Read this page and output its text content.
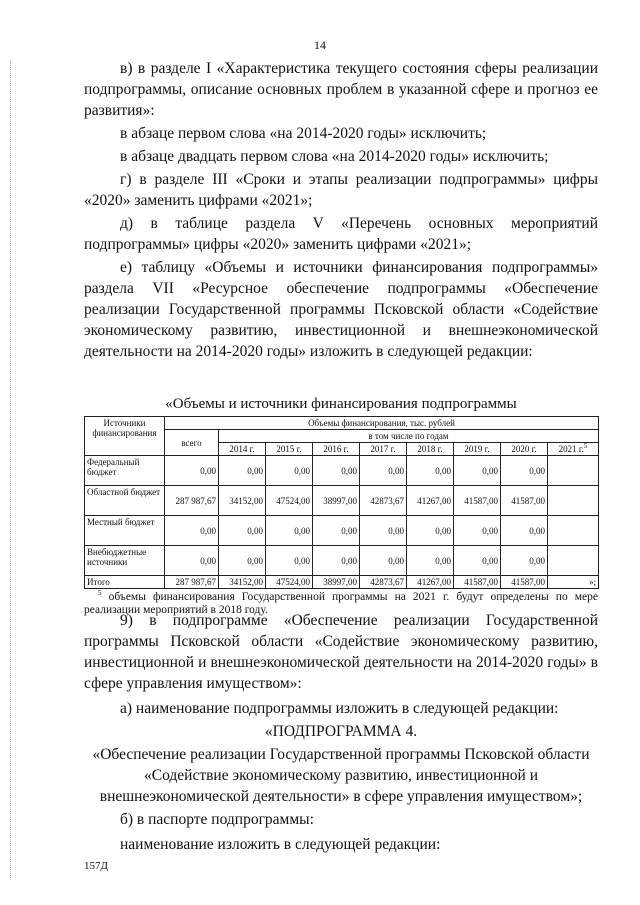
14

в) в разделе I «Характеристика текущего состояния сферы реализации подпрограммы, описание основных проблем в указанной сфере и прогноз ее развития»:

в абзаце первом слова «на 2014-2020 годы» исключить;

в абзаце двадцать первом слова «на 2014-2020 годы» исключить;

г) в разделе III «Сроки и этапы реализации подпрограммы» цифры «2020» заменить цифрами «2021»;

д) в таблице раздела V «Перечень основных мероприятий подпрограммы» цифры «2020» заменить цифрами «2021»;

е) таблицу «Объемы и источники финансирования подпрограммы» раздела VII «Ресурсное обеспечение подпрограммы «Обеспечение реализации Государственной программы Псковской области «Содействие экономическому развитию, инвестиционной и внешнеэкономической деятельности на 2014-2020 годы» изложить в следующей редакции:

«Объемы и источники финансирования подпрограммы
Источники финансирования	Объемы финансирования, тыс. рублей								
	всего	в том числе по годам							
		2014 г.	2015 г.	2016 г.	2017 г.	2018 г.	2019 г.	2020 г.	2021 г.$^5$
Федеральный бюджет	0,00	0,00	0,00	0,00	0,00	0,00	0,00	0,00	
Областной бюджет	287 987,67	34152,00	47524,00	38997,00	42873,67	41267,00	41587,00	41587,00	
Местный бюджет	0,00	0,00	0,00	0,00	0,00	0,00	0,00	0,00	
Внебюджетные источники	0,00	0,00	0,00	0,00	0,00	0,00	0,00	0,00	
Итого	287 987,67	34152,00	47524,00	38997,00	42873,67	41267,00	41587,00	41587,00	»;

$^5$ объемы финансирования Государственной программы на 2021 г. будут определены по мере реализации мероприятий в 2018 году.

9) в подпрограмме «Обеспечение реализации Государственной программы Псковской области «Содействие экономическому развитию, инвестиционной и внешнеэкономической деятельности на 2014-2020 годы» в сфере управления имуществом»:

а) наименование подпрограммы изложить в следующей редакции:

«ПОДПРОГРАММА 4.

«Обеспечение реализации Государственной программы Псковской области «Содействие экономическому развитию, инвестиционной и внешнеэкономической деятельности» в сфере управления имуществом»;

б) в паспорте подпрограммы:

наименование изложить в следующей редакции:

157Д
